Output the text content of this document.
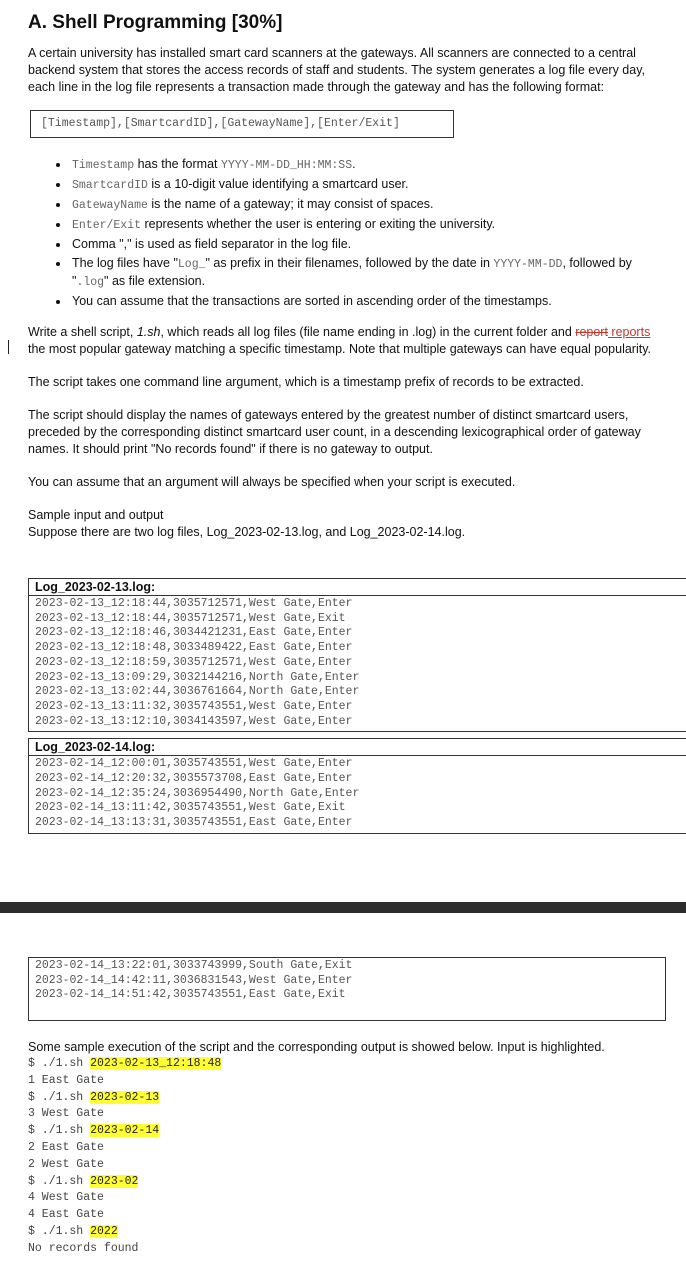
A. Shell Programming [30%]

A certain university has installed smart card scanners at the gateways. All scanners are connected to a central backend system that stores the access records of staff and students. The system generates a log file every day, each line in the log file represents a transaction made through the gateway and has the following format:

[Timestamp],[SmartcardID],[GatewayName],[Enter/Exit]
• Timestamp has the format YYYY-MM-DD_HH:MM:SS.
• SmartcardID is a 10-digit value identifying a smartcard user.
• GatewayName is the name of a gateway; it may consist of spaces.
• Enter/Exit represents whether the user is entering or exiting the university.
• Comma "," is used as field separator in the log file.
• The log files have "Log_" as prefix in their filenames, followed by the date in YYYY-MM-DD, followed by ".log" as file extension.
• You can assume that the transactions are sorted in ascending order of the timestamps.

Write a shell script, 1.sh, which reads all log files (file name ending in .log) in the current folder and report reports the most popular gateway matching a specific timestamp. Note that multiple gateways can have equal popularity.

The script takes one command line argument, which is a timestamp prefix of records to be extracted.

The script should display the names of gateways entered by the greatest number of distinct smartcard users, preceded by the corresponding distinct smartcard user count, in a descending lexicographical order of gateway names. It should print "No records found" if there is no gateway to output.

You can assume that an argument will always be specified when your script is executed.

Sample input and output

Suppose there are two log files, Log_2023-02-13.log, and Log_2023-02-14.log.

Log_2023-02-13.log:
2023-02-13_12:18:44,3035712571,West Gate,Enter
2023-02-13_12:18:44,3035712571,West Gate,Exit
2023-02-13_12:18:46,3034421231,East Gate,Enter
2023-02-13_12:18:48,3033489422,East Gate,Enter
2023-02-13_12:18:59,3035712571,West Gate,Enter
2023-02-13_13:09:29,3032144216,North Gate,Enter
2023-02-13_13:02:44,3036761664,North Gate,Enter
2023-02-13_13:11:32,3035743551,West Gate,Enter
2023-02-13_13:12:10,3034143597,West Gate,Enter
Log_2023-02-14.log:
2023-02-14_12:00:01,3035743551,West Gate,Enter
2023-02-14_12:20:32,3035573708,East Gate,Enter
2023-02-14_12:35:24,3036954490,North Gate,Enter
2023-02-14_13:11:42,3035743551,West Gate,Exit
2023-02-14_13:13:31,3035743551,East Gate,Enter
2023-02-14_13:22:01,3033743999,South Gate,Exit
2023-02-14_14:42:11,3036831543,West Gate,Enter
2023-02-14_14:51:42,3035743551,East Gate,Exit

Some sample execution of the script and the corresponding output is showed below. Input is highlighted.

$ ./1.sh 2023-02-13_12:18:48
1 East Gate
$ ./1.sh 2023-02-13
3 West Gate
$ ./1.sh 2023-02-14
2 East Gate
2 West Gate
$ ./1.sh 2023-02
4 West Gate
4 East Gate
$ ./1.sh 2022
No records found
